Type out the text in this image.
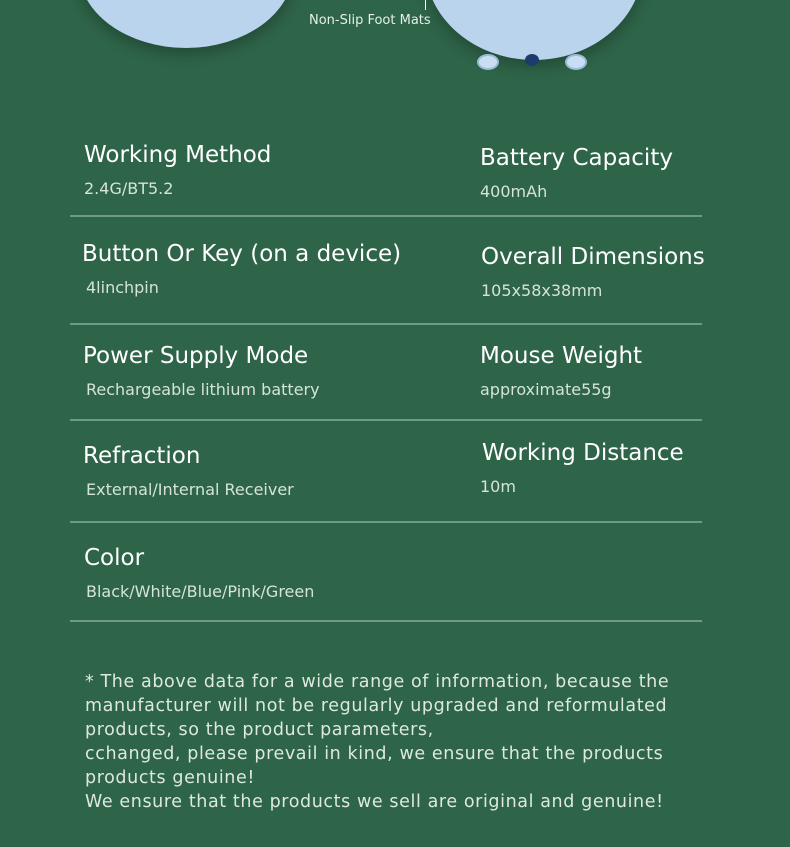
Non-Slip Foot Mats
Working Method
2.4G/BT5.2
Battery Capacity
400mAh
Button Or Key (on a device)
4linchpin
Overall Dimensions
105x58x38mm
Power Supply Mode
Rechargeable lithium battery
Mouse Weight
approximate55g
Refraction
External/Internal Receiver
Working Distance
10m
Color
Black/White/Blue/Pink/Green
* The above data for a wide range of information, because the
manufacturer will not be regularly upgraded and reformulated
products, so the product parameters,
cchanged, please prevail in kind, we ensure that the products
products genuine!
We ensure that the products we sell are original and genuine!
